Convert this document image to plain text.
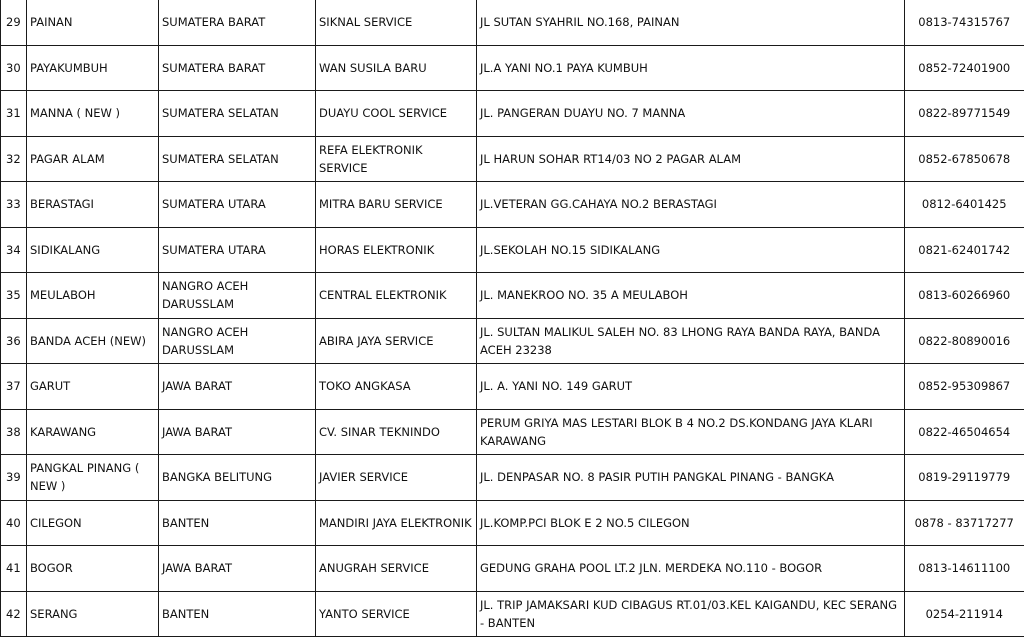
29	PAINAN	SUMATERA BARAT	SIKNAL SERVICE	JL SUTAN SYAHRIL NO.168, PAINAN	0813-74315767
30	PAYAKUMBUH	SUMATERA BARAT	WAN SUSILA BARU	JL.A YANI NO.1 PAYA KUMBUH	0852-72401900
31	MANNA ( NEW )	SUMATERA SELATAN	DUAYU COOL SERVICE	JL. PANGERAN DUAYU NO. 7 MANNA	0822-89771549
32	PAGAR ALAM	SUMATERA SELATAN	REFA ELEKTRONIK SERVICE	JL HARUN SOHAR RT14/03 NO 2 PAGAR ALAM	0852-67850678
33	BERASTAGI	SUMATERA UTARA	MITRA BARU SERVICE	JL.VETERAN GG.CAHAYA NO.2 BERASTAGI	0812-6401425
34	SIDIKALANG	SUMATERA UTARA	HORAS ELEKTRONIK	JL.SEKOLAH NO.15 SIDIKALANG	0821-62401742
35	MEULABOH	NANGRO ACEH DARUSSLAM	CENTRAL ELEKTRONIK	JL. MANEKROO NO. 35 A MEULABOH	0813-60266960
36	BANDA ACEH (NEW)	NANGRO ACEH DARUSSLAM	ABIRA JAYA SERVICE	JL. SULTAN MALIKUL SALEH NO. 83 LHONG RAYA BANDA RAYA, BANDA ACEH 23238	0822-80890016
37	GARUT	JAWA BARAT	TOKO ANGKASA	JL. A. YANI NO. 149 GARUT	0852-95309867
38	KARAWANG	JAWA BARAT	CV. SINAR TEKNINDO	PERUM GRIYA MAS LESTARI BLOK B 4 NO.2 DS.KONDANG JAYA KLARI KARAWANG	0822-46504654
39	PANGKAL PINANG ( NEW )	BANGKA BELITUNG	JAVIER SERVICE	JL. DENPASAR NO. 8 PASIR PUTIH PANGKAL PINANG - BANGKA	0819-29119779
40	CILEGON	BANTEN	MANDIRI JAYA ELEKTRONIK	JL.KOMP.PCI BLOK E 2 NO.5 CILEGON	0878 - 83717277
41	BOGOR	JAWA BARAT	ANUGRAH SERVICE	GEDUNG GRAHA POOL LT.2 JLN. MERDEKA NO.110 - BOGOR	0813-14611100
42	SERANG	BANTEN	YANTO SERVICE	JL. TRIP JAMAKSARI KUD CIBAGUS RT.01/03.KEL KAIGANDU, KEC SERANG - BANTEN	0254-211914
